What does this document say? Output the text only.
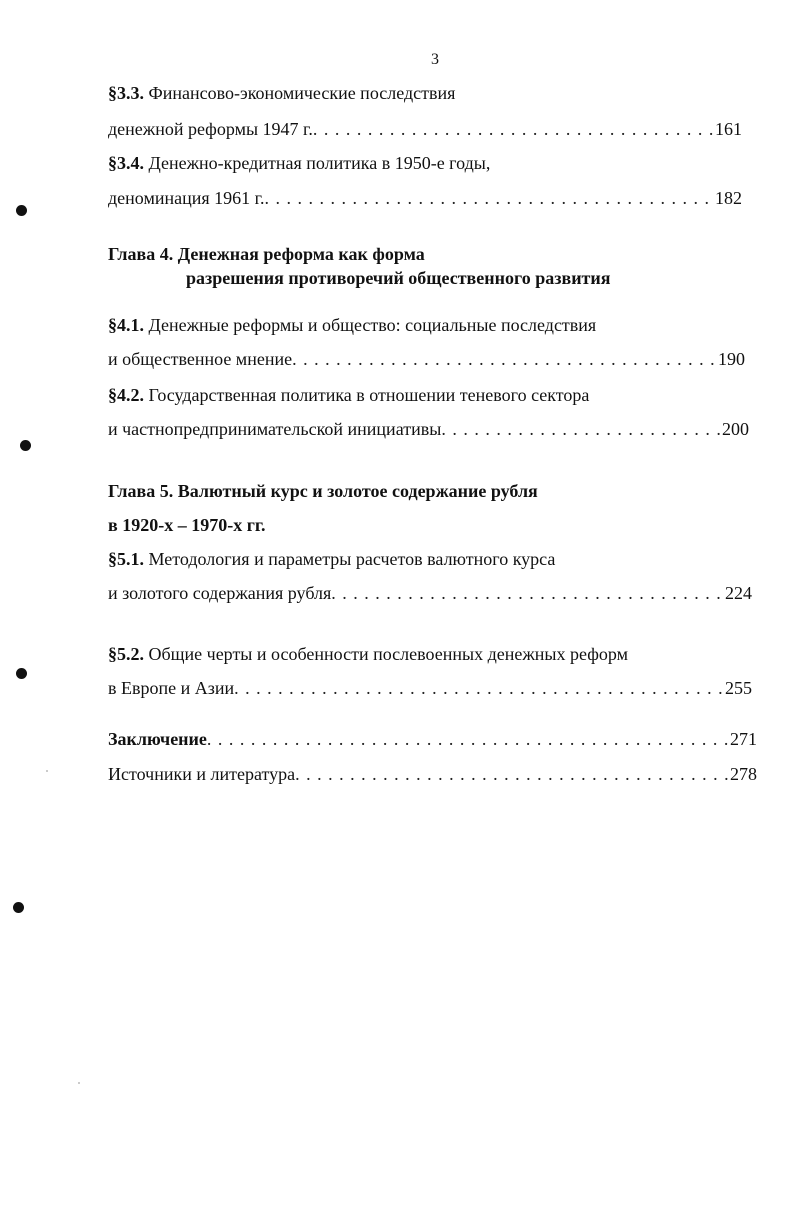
3
§3.3. Финансово-экономические последствия
денежной реформы 1947 г. . . .	161
§3.4. Денежно-кредитная политика в 1950-е годы,
деноминация 1961 г. . . .	182
Глава 4. Денежная реформа как форма
разрешения противоречий общественного развития
§4.1. Денежные реформы и общество: социальные последствия
и общественное мнение . . .	190
§4.2. Государственная политика в отношении теневого сектора
и частнопредпринимательской инициативы . . .	200
Глава 5. Валютный курс и золотое содержание рубля
в 1920-х – 1970-х гг.
§5.1. Методология и параметры расчетов валютного курса
и золотого содержания рубля . . .	224
§5.2. Общие черты и особенности послевоенных денежных реформ
в Европе и Азии . . .	255
Заключение . . .	271
Источники и литература . . .	278
